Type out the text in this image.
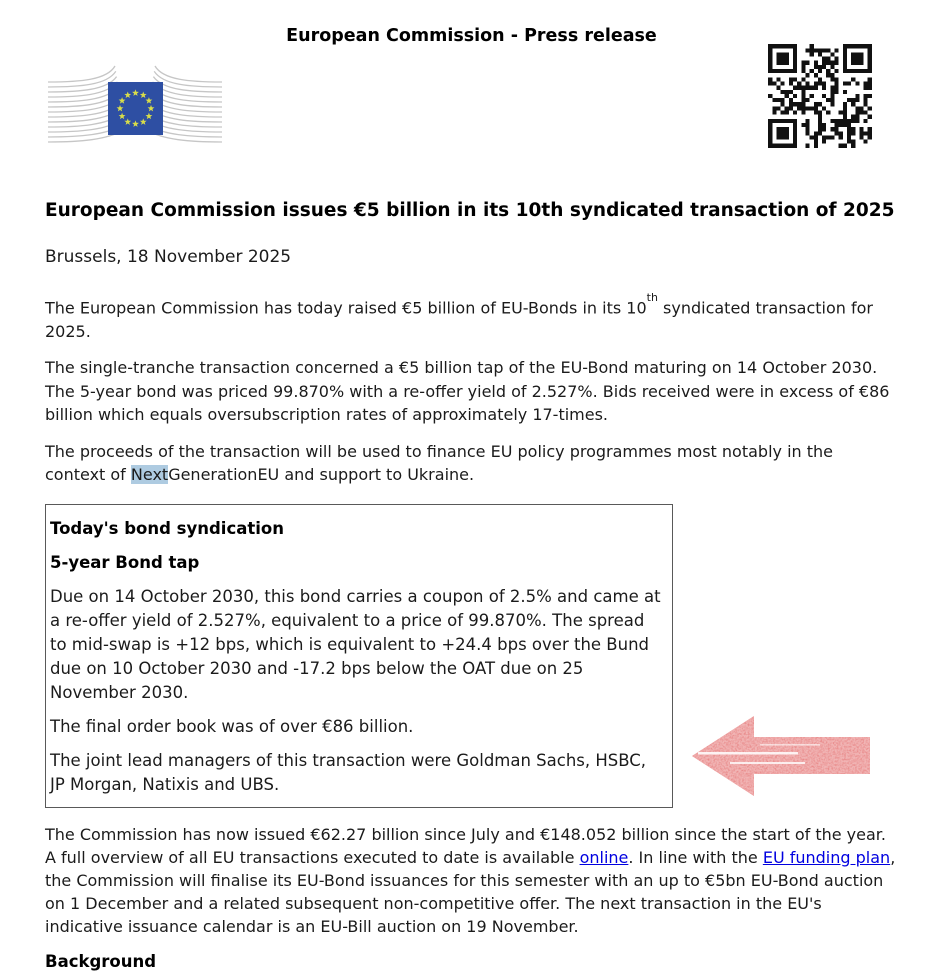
European Commission - Press release
European Commission issues €5 billion in its 10th syndicated transaction of 2025
Brussels, 18 November 2025

The European Commission has today raised €5 billion of EU-Bonds in its 10th syndicated transaction for 2025.

The single-tranche transaction concerned a €5 billion tap of the EU-Bond maturing on 14 October 2030. The 5-year bond was priced 99.870% with a re-offer yield of 2.527%. Bids received were in excess of €86 billion which equals oversubscription rates of approximately 17-times.

The proceeds of the transaction will be used to finance EU policy programmes most notably in the context of NextGenerationEU and support to Ukraine.

Today's bond syndication

5-year Bond tap

Due on 14 October 2030, this bond carries a coupon of 2.5% and came at a re-offer yield of 2.527%, equivalent to a price of 99.870%. The spread to mid-swap is +12 bps, which is equivalent to +24.4 bps over the Bund due on 10 October 2030 and -17.2 bps below the OAT due on 25 November 2030.

The final order book was of over €86 billion.

The joint lead managers of this transaction were Goldman Sachs, HSBC, JP Morgan, Natixis and UBS.

The Commission has now issued €62.27 billion since July and €148.052 billion since the start of the year. A full overview of all EU transactions executed to date is available online. In line with the EU funding plan, the Commission will finalise its EU-Bond issuances for this semester with an up to €5bn EU-Bond auction on 1 December and a related subsequent non-competitive offer. The next transaction in the EU's indicative issuance calendar is an EU-Bill auction on 19 November.

Background
